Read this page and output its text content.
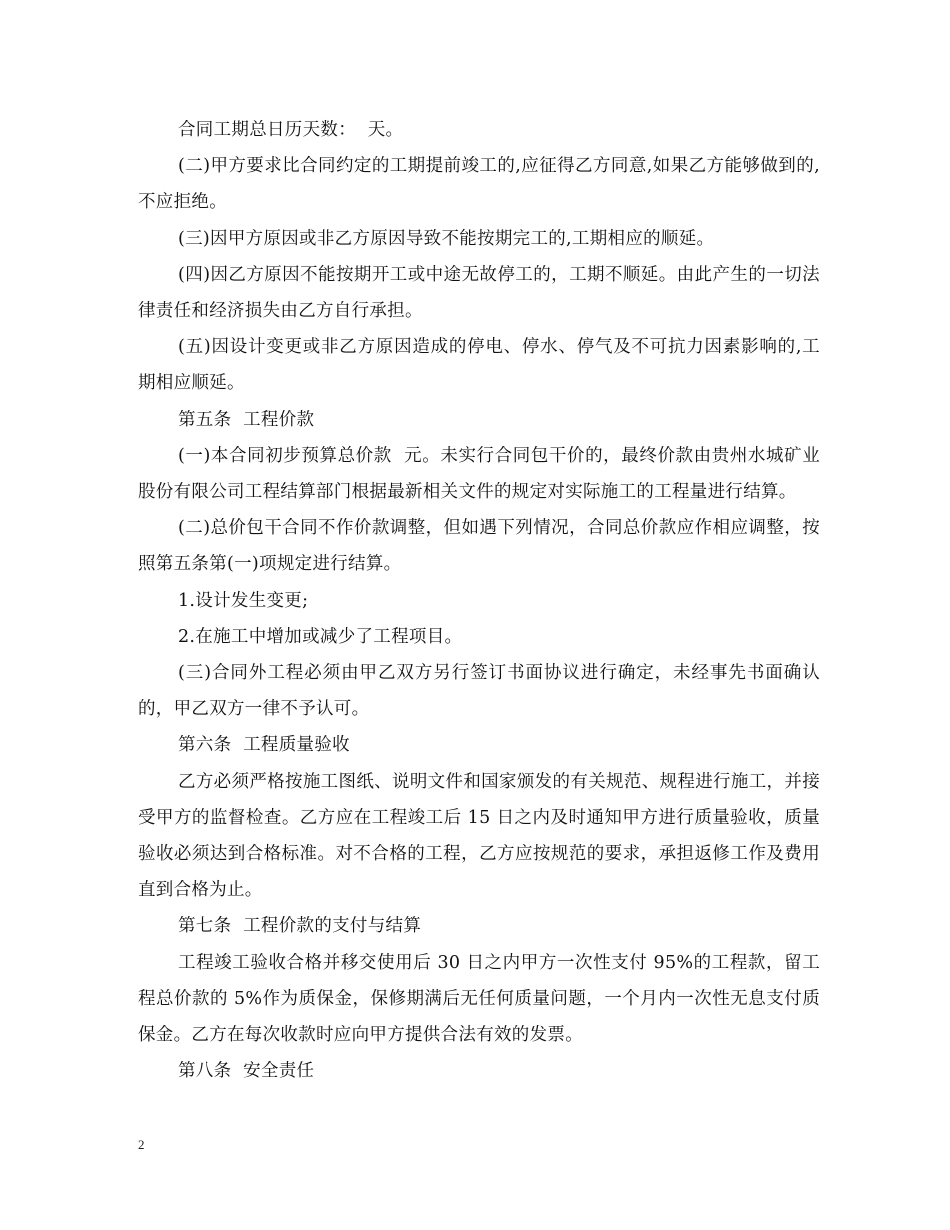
合同工期总日历天数：  天。

(二)甲方要求比合同约定的工期提前竣工的,应征得乙方同意,如果乙方能够做到的,不应拒绝。

(三)因甲方原因或非乙方原因导致不能按期完工的,工期相应的顺延。

(四)因乙方原因不能按期开工或中途无故停工的，工期不顺延。由此产生的一切法律责任和经济损失由乙方自行承担。

(五)因设计变更或非乙方原因造成的停电、停水、停气及不可抗力因素影响的,工期相应顺延。

第五条  工程价款

(一)本合同初步预算总价款  元。未实行合同包干价的，最终价款由贵州水城矿业股份有限公司工程结算部门根据最新相关文件的规定对实际施工的工程量进行结算。

(二)总价包干合同不作价款调整，但如遇下列情况，合同总价款应作相应调整，按照第五条第(一)项规定进行结算。

1.设计发生变更;

2.在施工中增加或减少了工程项目。

(三)合同外工程必须由甲乙双方另行签订书面协议进行确定，未经事先书面确认的，甲乙双方一律不予认可。

第六条  工程质量验收

乙方必须严格按施工图纸、说明文件和国家颁发的有关规范、规程进行施工，并接受甲方的监督检查。乙方应在工程竣工后 15 日之内及时通知甲方进行质量验收，质量验收必须达到合格标准。对不合格的工程，乙方应按规范的要求，承担返修工作及费用直到合格为止。

第七条  工程价款的支付与结算

工程竣工验收合格并移交使用后 30 日之内甲方一次性支付 95%的工程款，留工程总价款的 5%作为质保金，保修期满后无任何质量问题，一个月内一次性无息支付质保金。乙方在每次收款时应向甲方提供合法有效的发票。

第八条  安全责任

2
